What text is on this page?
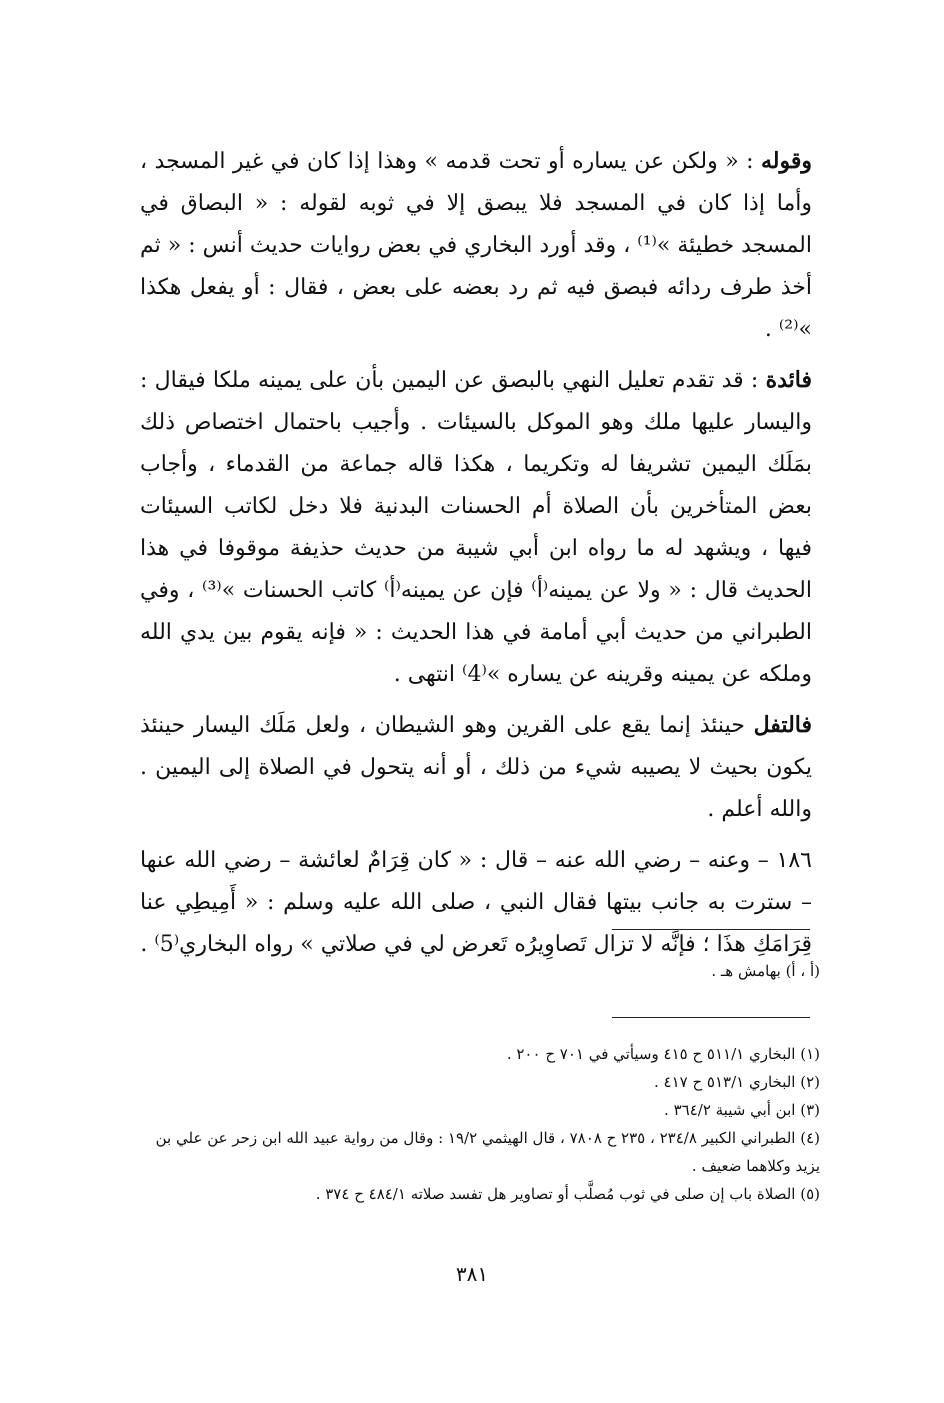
وقوله : « ولكن عن يساره أو تحت قدمه » وهذا إذا كان في غير المسجد ، وأما إذا كان في المسجد فلا يبصق إلا في ثوبه لقوله : « البصاق في المسجد خطيئة »⁽¹⁾ ، وقد أورد البخاري في بعض روايات حديث أنس : « ثم أخذ طرف ردائه فبصق فيه ثم رد بعضه على بعض ، فقال : أو يفعل هكذا »⁽²⁾ .

فائدة : قد تقدم تعليل النهي بالبصق عن اليمين بأن على يمينه ملكا فيقال : واليسار عليها ملك وهو الموكل بالسيئات . وأجيب باحتمال اختصاص ذلك بمَلَك اليمين تشريفا له وتكريما ، هكذا قاله جماعة من القدماء ، وأجاب بعض المتأخرين بأن الصلاة أم الحسنات البدنية فلا دخل لكاتب السيئات فيها ، ويشهد له ما رواه ابن أبي شيبة من حديث حذيفة موقوفا في هذا الحديث قال : « ولا عن يمينه⁽أ⁾ فإن عن يمينه⁽أ⁾ كاتب الحسنات »⁽³⁾ ، وفي الطبراني من حديث أبي أمامة في هذا الحديث : « فإنه يقوم بين يدي الله وملكه عن يمينه وقرينه عن يساره »⁽4⁾ انتهى .

فالتفل حينئذ إنما يقع على القرين وهو الشيطان ، ولعل مَلَك اليسار حينئذ يكون بحيث لا يصيبه شيء من ذلك ، أو أنه يتحول في الصلاة إلى اليمين . والله أعلم .

١٨٦ – وعنه – رضي الله عنه – قال : « كان قِرَامٌ لعائشة – رضي الله عنها – سترت به جانب بيتها فقال النبي ، صلى الله عليه وسلم : « أَمِيطِي عنا قِرَامَكِ هذَا ؛ فإنَّه لا تزال تَصاوِيرُه تَعرض لي في صلاتي » رواه البخاري⁽5⁾ .

(أ ، أ) بهامش هـ .

(١) البخاري ٥١١/١ ح ٤١٥ وسيأتي في ٧٠١ ح ٢٠٠ .

(٢) البخاري ٥١٣/١ ح ٤١٧ .

(٣) ابن أبي شيبة ٣٦٤/٢ .

(٤) الطبراني الكبير ٢٣٤/٨ ، ٢٣٥ ح ٧٨٠٨ ، قال الهيثمي ١٩/٢ : وقال من رواية عبيد الله ابن زحر عن علي بن يزيد وكلاهما ضعيف .

(٥) الصلاة باب إن صلى في ثوب مُصلَّب أو تصاوير هل تفسد صلاته ٤٨٤/١ ح ٣٧٤ .

٣٨١
